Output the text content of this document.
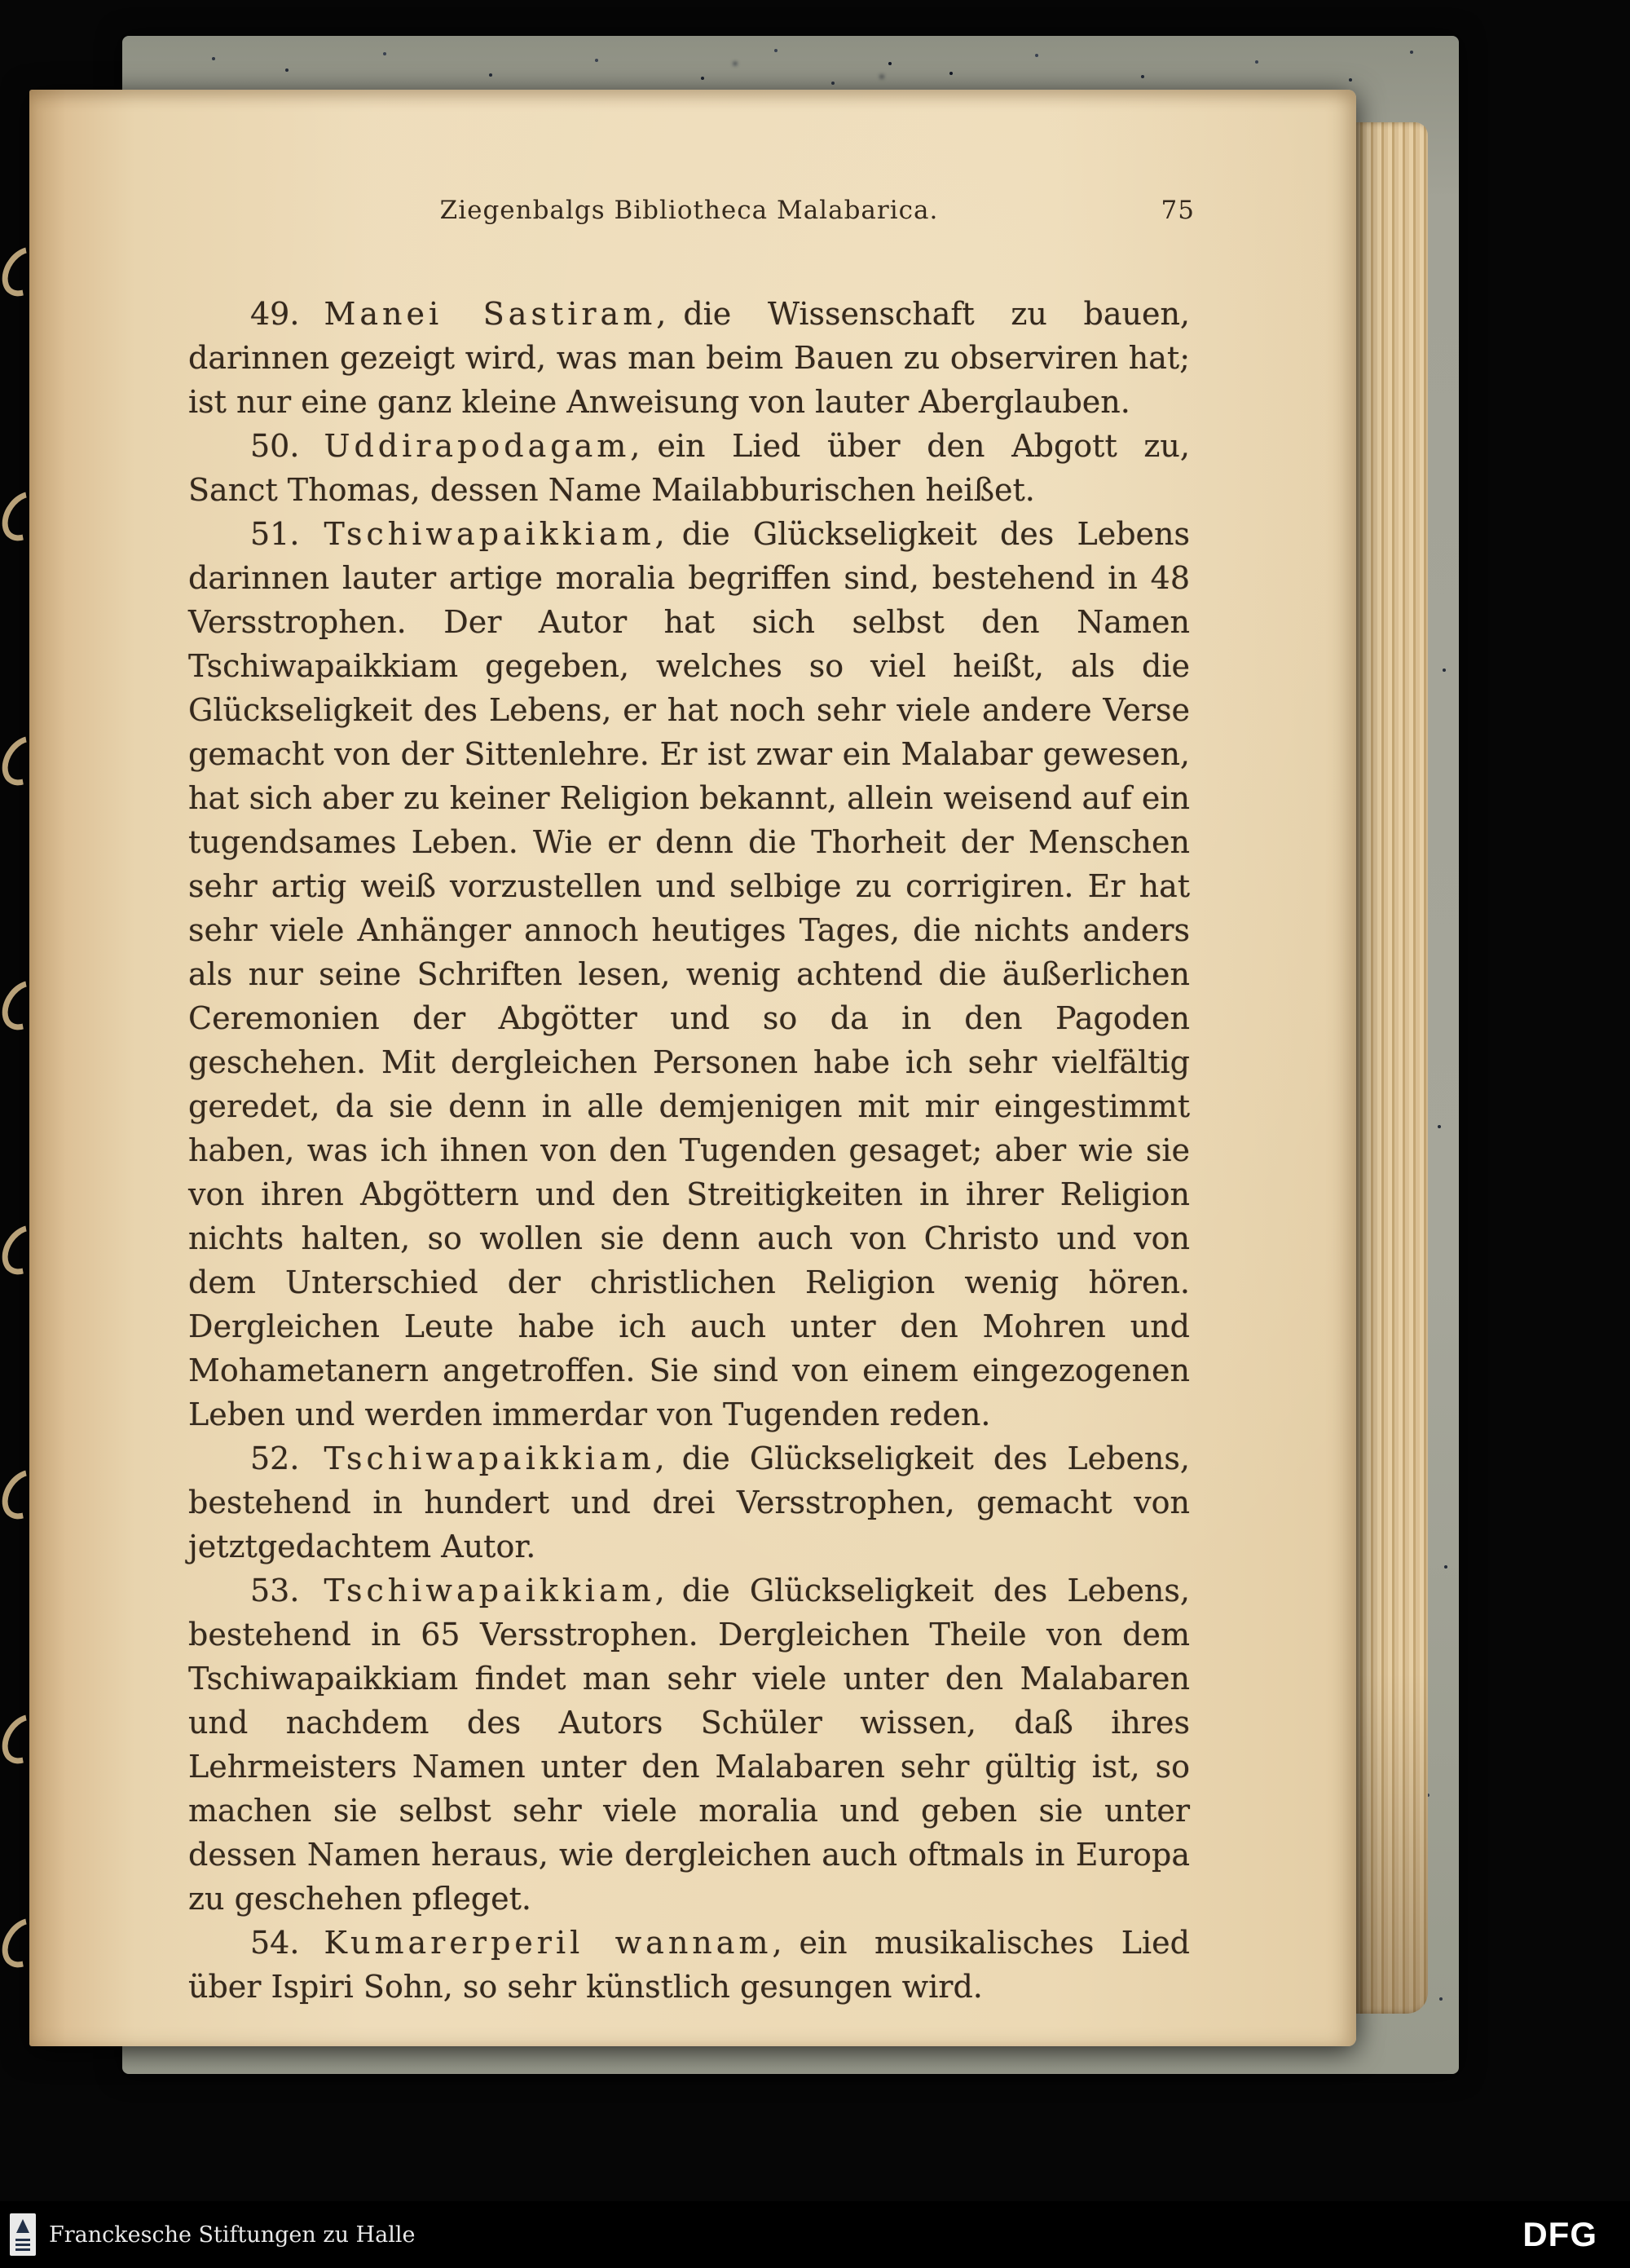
Ziegenbalgs Bibliotheca Malabarica.	75

49. Manei Sastiram, die Wissenschaft zu bauen, darinnen gezeigt wird, was man beim Bauen zu observiren hat; ist nur eine ganz kleine Anweisung von lauter Aberglauben.

50. Uddirapodagam, ein Lied über den Abgott zu, Sanct Thomas, dessen Name Mailabburischen heißet.

51. Tschiwapaikkiam, die Glückseligkeit des Lebens darinnen lauter artige moralia begriffen sind, bestehend in 48 Versstrophen. Der Autor hat sich selbst den Namen Tschiwapaikkiam gegeben, welches so viel heißt, als die Glückseligkeit des Lebens, er hat noch sehr viele andere Verse gemacht von der Sittenlehre. Er ist zwar ein Malabar gewesen, hat sich aber zu keiner Religion bekannt, allein weisend auf ein tugendsames Leben. Wie er denn die Thorheit der Menschen sehr artig weiß vorzustellen und selbige zu corrigiren. Er hat sehr viele Anhänger annoch heutiges Tages, die nichts anders als nur seine Schriften lesen, wenig achtend die äußerlichen Ceremonien der Abgötter und so da in den Pagoden geschehen. Mit dergleichen Personen habe ich sehr vielfältig geredet, da sie denn in alle demjenigen mit mir eingestimmt haben, was ich ihnen von den Tugenden gesaget; aber wie sie von ihren Abgöttern und den Streitigkeiten in ihrer Religion nichts halten, so wollen sie denn auch von Christo und von dem Unterschied der christlichen Religion wenig hören. Dergleichen Leute habe ich auch unter den Mohren und Mohametanern angetroffen. Sie sind von einem eingezogenen Leben und werden immerdar von Tugenden reden.

52. Tschiwapaikkiam, die Glückseligkeit des Lebens, bestehend in hundert und drei Versstrophen, gemacht von jetztgedachtem Autor.

53. Tschiwapaikkiam, die Glückseligkeit des Lebens, bestehend in 65 Versstrophen. Dergleichen Theile von dem Tschiwapaikkiam findet man sehr viele unter den Malabaren und nachdem des Autors Schüler wissen, daß ihres Lehrmeisters Namen unter den Malabaren sehr gültig ist, so machen sie selbst sehr viele moralia und geben sie unter dessen Namen heraus, wie dergleichen auch oftmals in Europa zu geschehen pfleget.

54. Kumarerperil wannam, ein musikalisches Lied über Ispiri Sohn, so sehr künstlich gesungen wird.

Franckesche Stiftungen zu Halle	DFG
